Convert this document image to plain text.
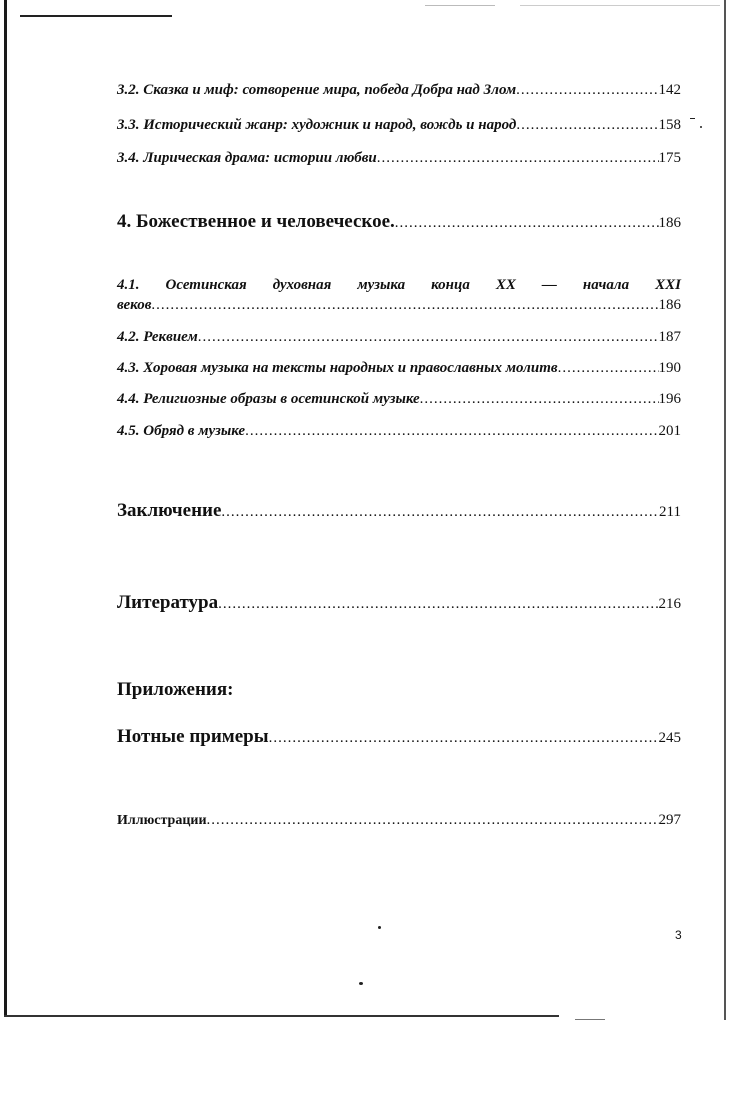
3.2. Сказка и миф: сотворение мира, победа Добра над Злом .....	142
3.3. Исторический жанр: художник и народ, вождь и народ .....	158
3.4. Лирическая драма: истории любви .....	175
4. Божественное и человеческое. .....	186
4.1. Осетинская духовная музыка конца XX — начала XXI
веков .....	186
4.2. Реквием .....	187
4.3. Хоровая музыка на тексты народных и православных молитв .....	190
4.4. Религиозные образы в осетинской музыке .....	196
4.5. Обряд в музыке .....	201
Заключение .....	211
Литература .....	216
Приложения:
Нотные примеры .....	245
Иллюстрации .....	297
3
